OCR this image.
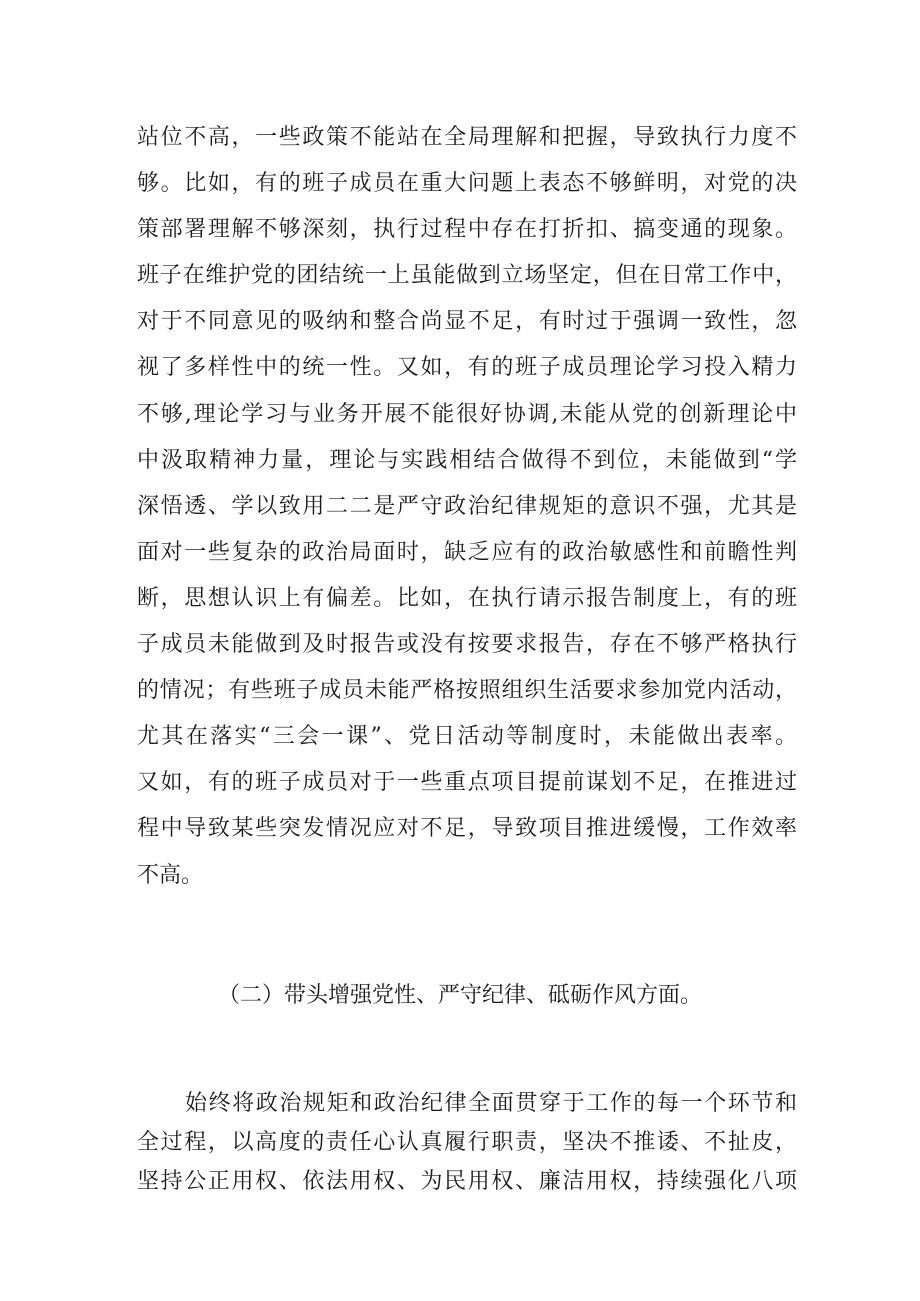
站位不高，一些政策不能站在全局理解和把握，导致执行力度不
够。比如，有的班子成员在重大问题上表态不够鲜明，对党的决
策部署理解不够深刻，执行过程中存在打折扣、搞变通的现象。
班子在维护党的团结统一上虽能做到立场坚定，但在日常工作中，
对于不同意见的吸纳和整合尚显不足，有时过于强调一致性，忽
视了多样性中的统一性。又如，有的班子成员理论学习投入精力
不够,理论学习与业务开展不能很好协调,未能从党的创新理论中
中汲取精神力量，理论与实践相结合做得不到位，未能做到“学
深悟透、学以致用二二是严守政治纪律规矩的意识不强，尤其是
面对一些复杂的政治局面时，缺乏应有的政治敏感性和前瞻性判
断，思想认识上有偏差。比如，在执行请示报告制度上，有的班
子成员未能做到及时报告或没有按要求报告，存在不够严格执行
的情况；有些班子成员未能严格按照组织生活要求参加党内活动，
尤其在落实“三会一课”、党日活动等制度时，未能做出表率。
又如，有的班子成员对于一些重点项目提前谋划不足，在推进过
程中导致某些突发情况应对不足，导致项目推进缓慢，工作效率
不高。
（二）带头增强党性、严守纪律、砥砺作风方面。
始终将政治规矩和政治纪律全面贯穿于工作的每一个环节和
全过程，以高度的责任心认真履行职责，坚决不推诿、不扯皮，
坚持公正用权、依法用权、为民用权、廉洁用权，持续强化八项
